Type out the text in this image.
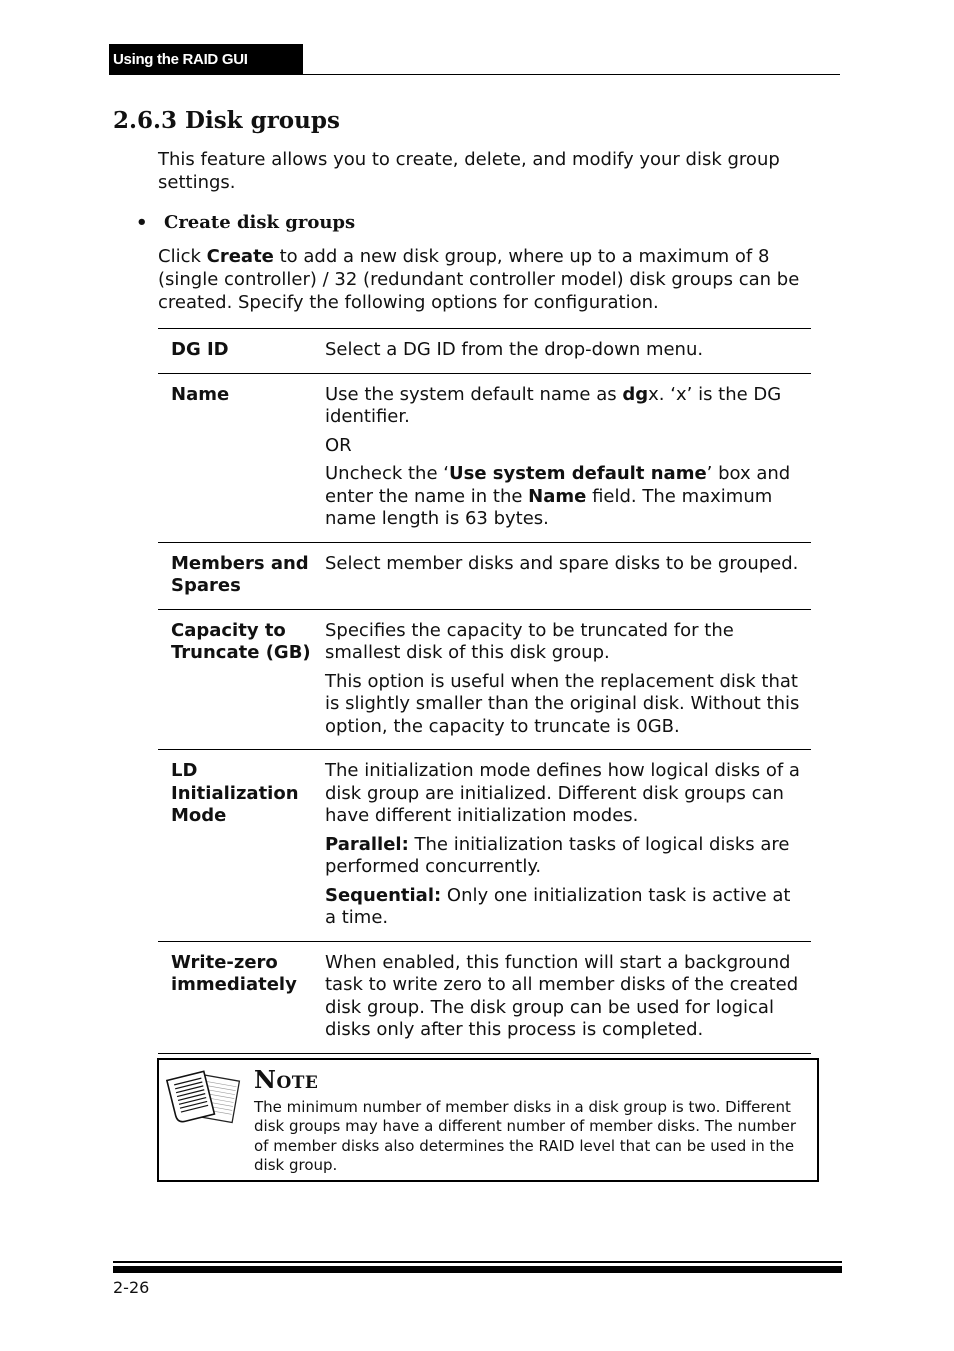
Using the RAID GUI
2.6.3 Disk groups

This feature allows you to create, delete, and modify your disk group settings.

• Create disk groups

Click Create to add a new disk group, where up to a maximum of 8 (single controller) / 32 (redundant controller model) disk groups can be created. Specify the following options for configuration.

DG ID	Select a DG ID from the drop-down menu.

Name	Use the system default name as dgx. ‘x’ is the DG identifier.

OR

Uncheck the ‘Use system default name’ box and enter the name in the Name field. The maximum name length is 63 bytes.

Members and Spares	Select member disks and spare disks to be grouped.

Capacity to Truncate (GB)	Specifies the capacity to be truncated for the smallest disk of this disk group.

This option is useful when the replacement disk that is slightly smaller than the original disk. Without this option, the capacity to truncate is 0GB.

LD Initialization Mode	The initialization mode defines how logical disks of a disk group are initialized. Different disk groups can have different initialization modes.

Parallel: The initialization tasks of logical disks are performed concurrently.

Sequential: Only one initialization task is active at a time.

Write-zero immediately	When enabled, this function will start a background task to write zero to all member disks of the created disk group. The disk group can be used for logical disks only after this process is completed.

Note

The minimum number of member disks in a disk group is two. Different disk groups may have a different number of member disks. The number of member disks also determines the RAID level that can be used in the disk group.

2-26
